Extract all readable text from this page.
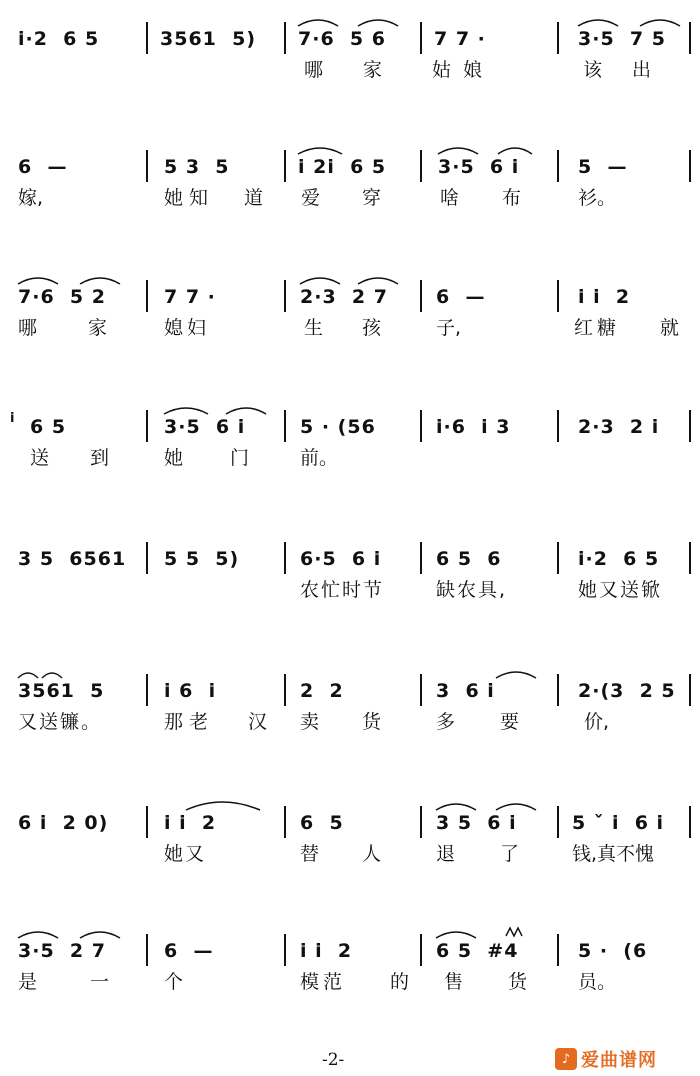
i·2  6 5	3561  5) 7·6  5 6	7 7 ·	3·5  7 5
哪 家	姑娘	该出
6  —	5 3  5	i 2i  6 5	3·5  6 i	5  —
嫁,	她知 道 爱 穿	啥 布	衫。
7·6  5 2	7 7 ·	2·3  2 7	6  —	i i  2
哪	家	媳妇	生 孩	子,	红糖 就
i 6 5	3·5  6 i	5 · (56	i·6  i 3	2·3  2 i
送 到	她 门	前。
3 5  6561 5 5  5)	6·5  6 i	6 5  6	i·2  6 5
农忙时节	缺农具,	她又送锨
3561  5	i 6  i	2  2	3  6 i	2·(3  2 5
又送镰。	那老 汉 卖 货	多 要	价,
6 i  2 0)	i i  2	6  5	3 5  6 i	5 ˇ i  6 i
她又	替 人	退 了	钱,真不愧
3·5  2 7	6  —	i i  2	6 5  #4	5 ·  (6
是	一	个	模范 的 售 货	员。
-2-	♪ 爱曲谱网
